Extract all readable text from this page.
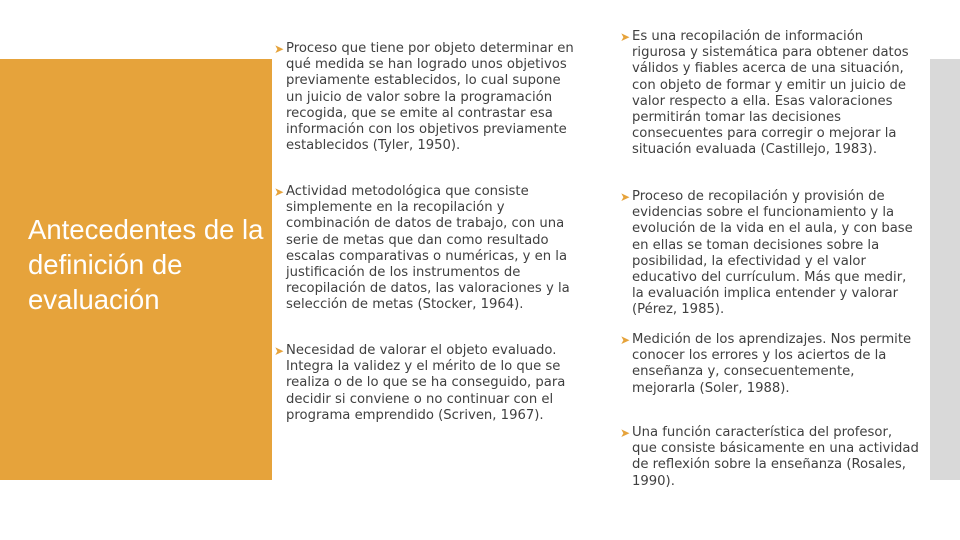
Antecedentes de la definición de evaluación
➤ Proceso que tiene por objeto determinar en qué medida se han logrado unos objetivos previamente establecidos, lo cual supone un juicio de valor sobre la programación recogida, que se emite al contrastar esa información con los objetivos previamente establecidos (Tyler, 1950).
➤ Actividad metodológica que consiste simplemente en la recopilación y combinación de datos de trabajo, con una serie de metas que dan como resultado escalas comparativas o numéricas, y en la justificación de los instrumentos de recopilación de datos, las valoraciones y la selección de metas (Stocker, 1964).
➤ Necesidad de valorar el objeto evaluado. Integra la validez y el mérito de lo que se realiza o de lo que se ha conseguido, para decidir si conviene o no continuar con el programa emprendido (Scriven, 1967).
➤ Es una recopilación de información rigurosa y sistemática para obtener datos válidos y fiables acerca de una situación, con objeto de formar y emitir un juicio de valor respecto a ella. Esas valoraciones permitirán tomar las decisiones consecuentes para corregir o mejorar la situación evaluada (Castillejo, 1983).
➤ Proceso de recopilación y provisión de evidencias sobre el funcionamiento y la evolución de la vida en el aula, y con base en ellas se toman decisiones sobre la posibilidad, la efectividad y el valor educativo del currículum. Más que medir, la evaluación implica entender y valorar (Pérez, 1985).
➤ Medición de los aprendizajes. Nos permite conocer los errores y los aciertos de la enseñanza y, consecuentemente, mejorarla (Soler, 1988).
➤ Una función característica del profesor, que consiste básicamente en una actividad de reflexión sobre la enseñanza (Rosales, 1990).
